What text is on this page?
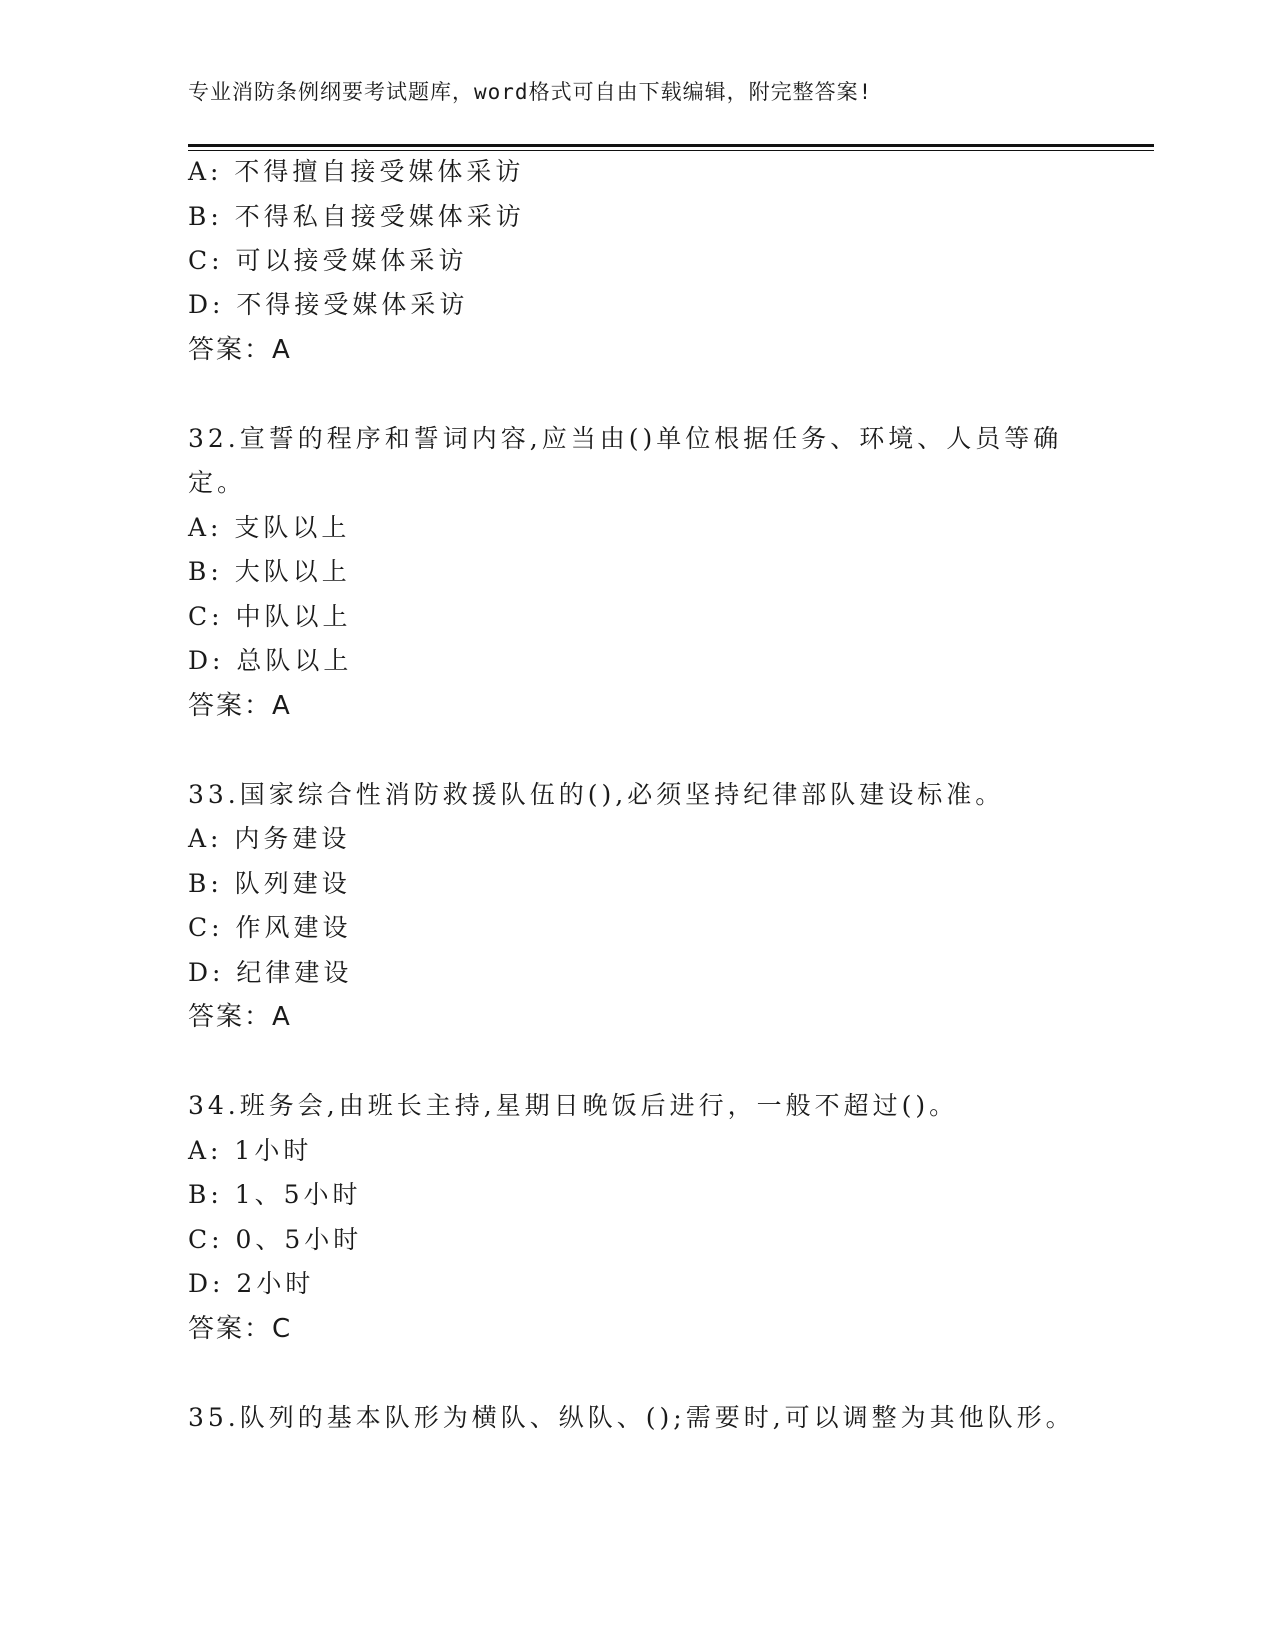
专业消防条例纲要考试题库，word格式可自由下载编辑，附完整答案!
A: 不得擅自接受媒体采访
B: 不得私自接受媒体采访
C: 可以接受媒体采访
D: 不得接受媒体采访
答案：A
32.宣誓的程序和誓词内容,应当由()单位根据任务、环境、人员等确
定。
A: 支队以上
B: 大队以上
C: 中队以上
D: 总队以上
答案：A
33.国家综合性消防救援队伍的(),必须坚持纪律部队建设标准。
A: 内务建设
B: 队列建设
C: 作风建设
D: 纪律建设
答案：A
34.班务会,由班长主持,星期日晚饭后进行，一般不超过()。
A: 1小时
B: 1、5小时
C: 0、5小时
D: 2小时
答案：C
35.队列的基本队形为横队、纵队、();需要时,可以调整为其他队形。
